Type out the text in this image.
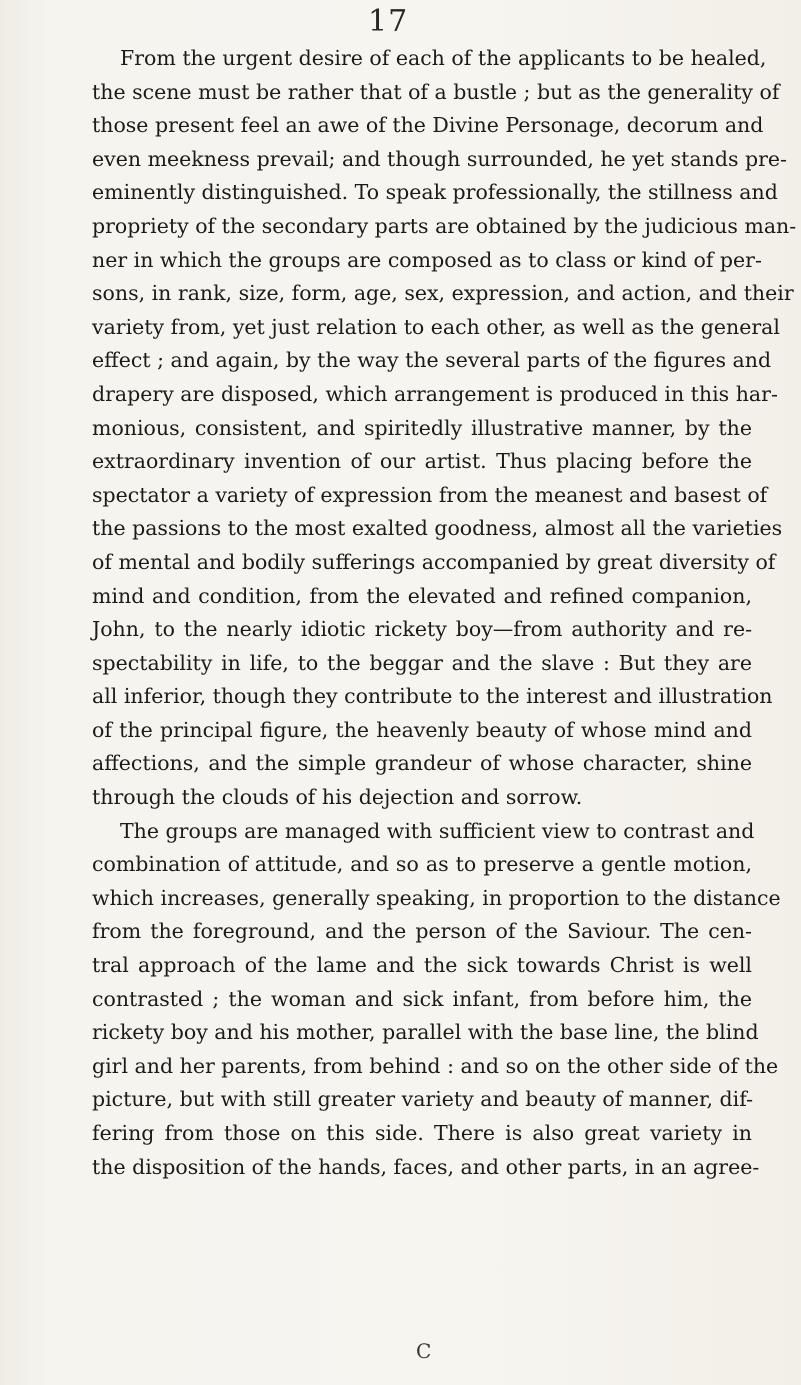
17
From the urgent desire of each of the applicants to be healed,
the scene must be rather that of a bustle ; but as the generality of
those present feel an awe of the Divine Personage, decorum and
even meekness prevail; and though surrounded, he yet stands pre-
eminently distinguished. To speak professionally, the stillness and
propriety of the secondary parts are obtained by the judicious man-
ner in which the groups are composed as to class or kind of per-
sons, in rank, size, form, age, sex, expression, and action, and their
variety from, yet just relation to each other, as well as the general
effect ; and again, by the way the several parts of the figures and
drapery are disposed, which arrangement is produced in this har-
monious, consistent, and spiritedly illustrative manner, by the
extraordinary invention of our artist. Thus placing before the
spectator a variety of expression from the meanest and basest of
the passions to the most exalted goodness, almost all the varieties
of mental and bodily sufferings accompanied by great diversity of
mind and condition, from the elevated and refined companion,
John, to the nearly idiotic rickety boy—from authority and re-
spectability in life, to the beggar and the slave : But they are
all inferior, though they contribute to the interest and illustration
of the principal figure, the heavenly beauty of whose mind and
affections, and the simple grandeur of whose character, shine
through the clouds of his dejection and sorrow.
The groups are managed with sufficient view to contrast and
combination of attitude, and so as to preserve a gentle motion,
which increases, generally speaking, in proportion to the distance
from the foreground, and the person of the Saviour. The cen-
tral approach of the lame and the sick towards Christ is well
contrasted ; the woman and sick infant, from before him, the
rickety boy and his mother, parallel with the base line, the blind
girl and her parents, from behind : and so on the other side of the
picture, but with still greater variety and beauty of manner, dif-
fering from those on this side. There is also great variety in
the disposition of the hands, faces, and other parts, in an agree-
C
